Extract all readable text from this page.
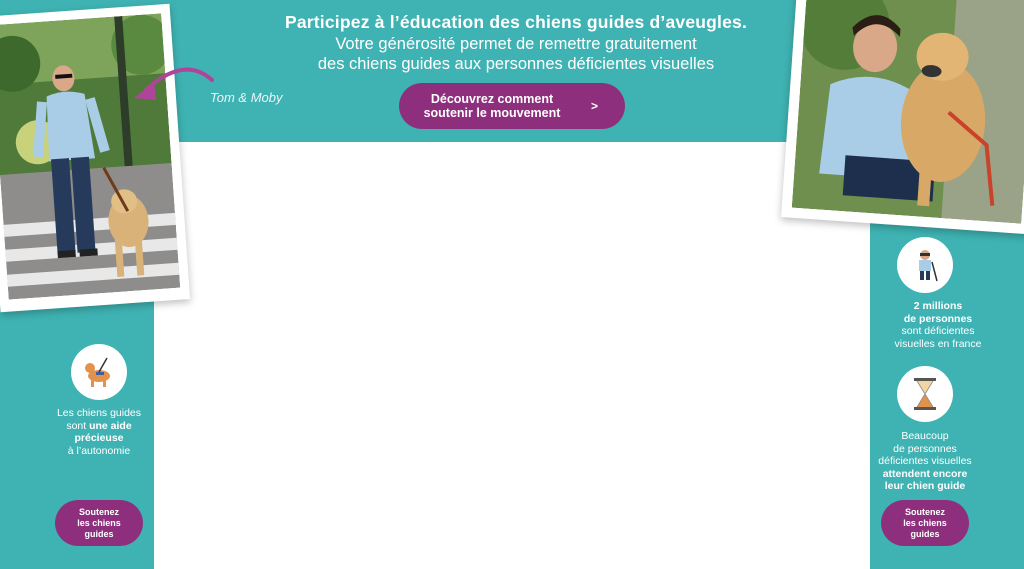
Participez à l’éducation des chiens guides d’aveugles.
Votre générosité permet de remettre gratuitement
des chiens guides aux personnes déficientes visuelles
Découvrez comment
soutenir le mouvement	>
Tom & Moby
Les chiens guides
sont une aide
précieuse
à l’autonomie
Soutenez
les chiens
guides
2 millions
de personnes
sont déficientes
visuelles en france
Beaucoup
de personnes
déficientes visuelles
attendent encore
leur chien guide
Soutenez
les chiens
guides
